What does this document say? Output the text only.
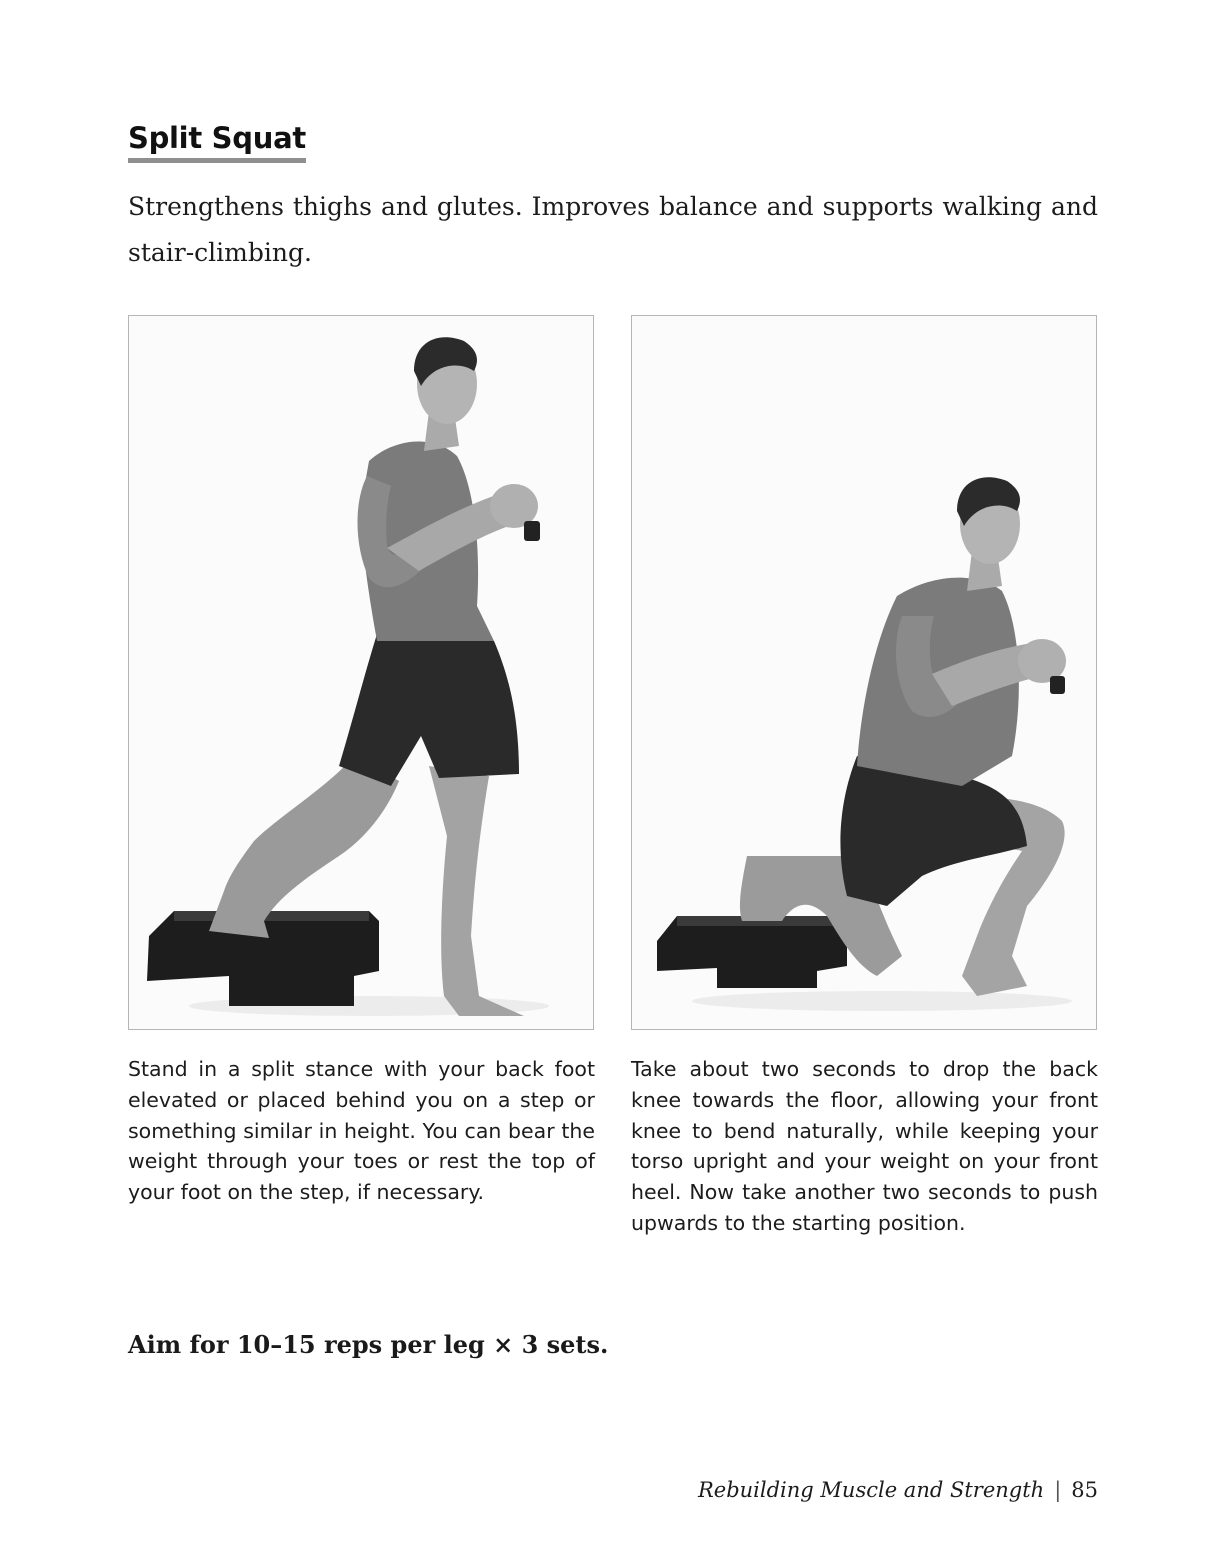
Split Squat
Strengthens thighs and glutes. Improves balance and supports walking and stair-climbing.
Stand in a split stance with your back foot elevated or placed behind you on a step or something similar in height. You can bear the weight through your toes or rest the top of your foot on the step, if necessary.
Take about two seconds to drop the back knee towards the floor, allowing your front knee to bend naturally, while keeping your torso upright and your weight on your front heel. Now take another two seconds to push upwards to the starting position.
Aim for 10–15 reps per leg × 3 sets.
Rebuilding Muscle and Strength | 85
